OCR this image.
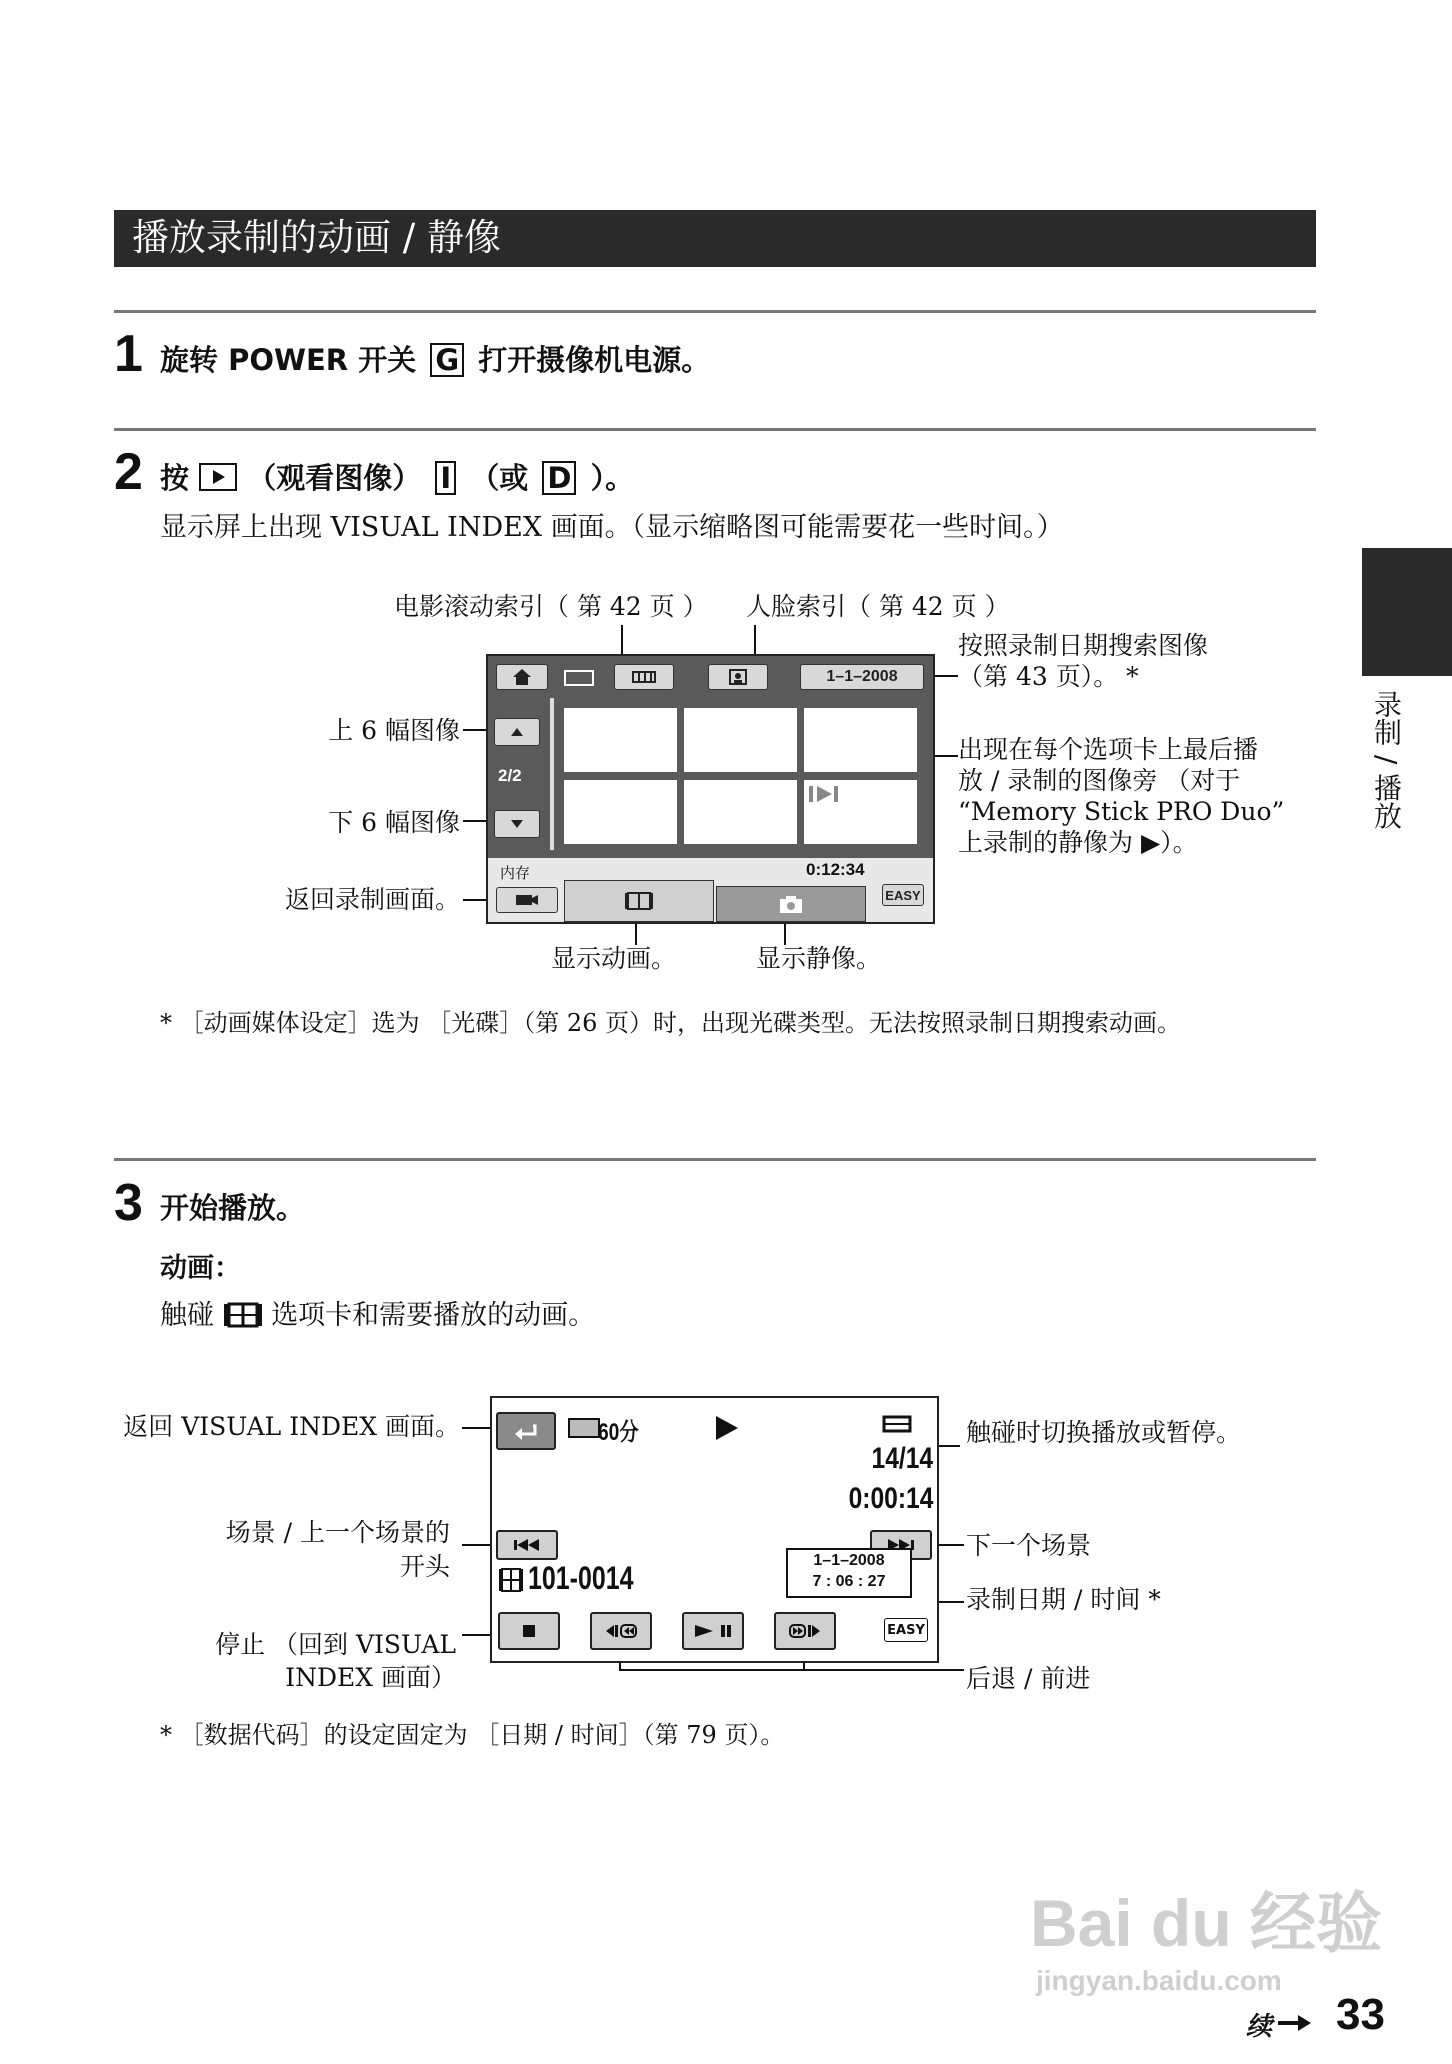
播放录制的动画 / 静像
录制 / 播放
1 旋转 POWER 开关 G 打开摄像机电源。
2 按 （观看图像） I （或 D ）。
显示屏上出现 VISUAL INDEX 画面。（显示缩略图可能需要花一些时间。）
电影滚动索引（ 第 42 页 ） 人脸索引（ 第 42 页 ）
按照录制日期搜索图像
（第 43 页）。 *
上 6 幅图像
下 6 幅图像
返回录制画面。
出现在每个选项卡上最后播
放 / 录制的图像旁 （对于
“Memory Stick PRO Duo”
上录制的静像为 ▶）。
显示动画。	显示静像。
1–1–2008
2/2
内存	0:12:34
EASY
* ［动画媒体设定］选为 ［光碟］（第 26 页）时，出现光碟类型。无法按照录制日期搜索动画。
3 开始播放。
动画：
触碰 选项卡和需要播放的动画。
返回 VISUAL INDEX 画面。	触碰时切换播放或暂停。
场景 / 上一个场景的
开头
下一个场景
录制日期 / 时间 *
停止 （回到 VISUAL
INDEX 画面）	后退 / 前进
60分
14/14
0:00:14
101-0014	1–1–2008
7 : 06 : 27
EASY
* ［数据代码］的设定固定为 ［日期 / 时间］（第 79 页）。
Bai du 经验
jingyan.baidu.com
续 33
